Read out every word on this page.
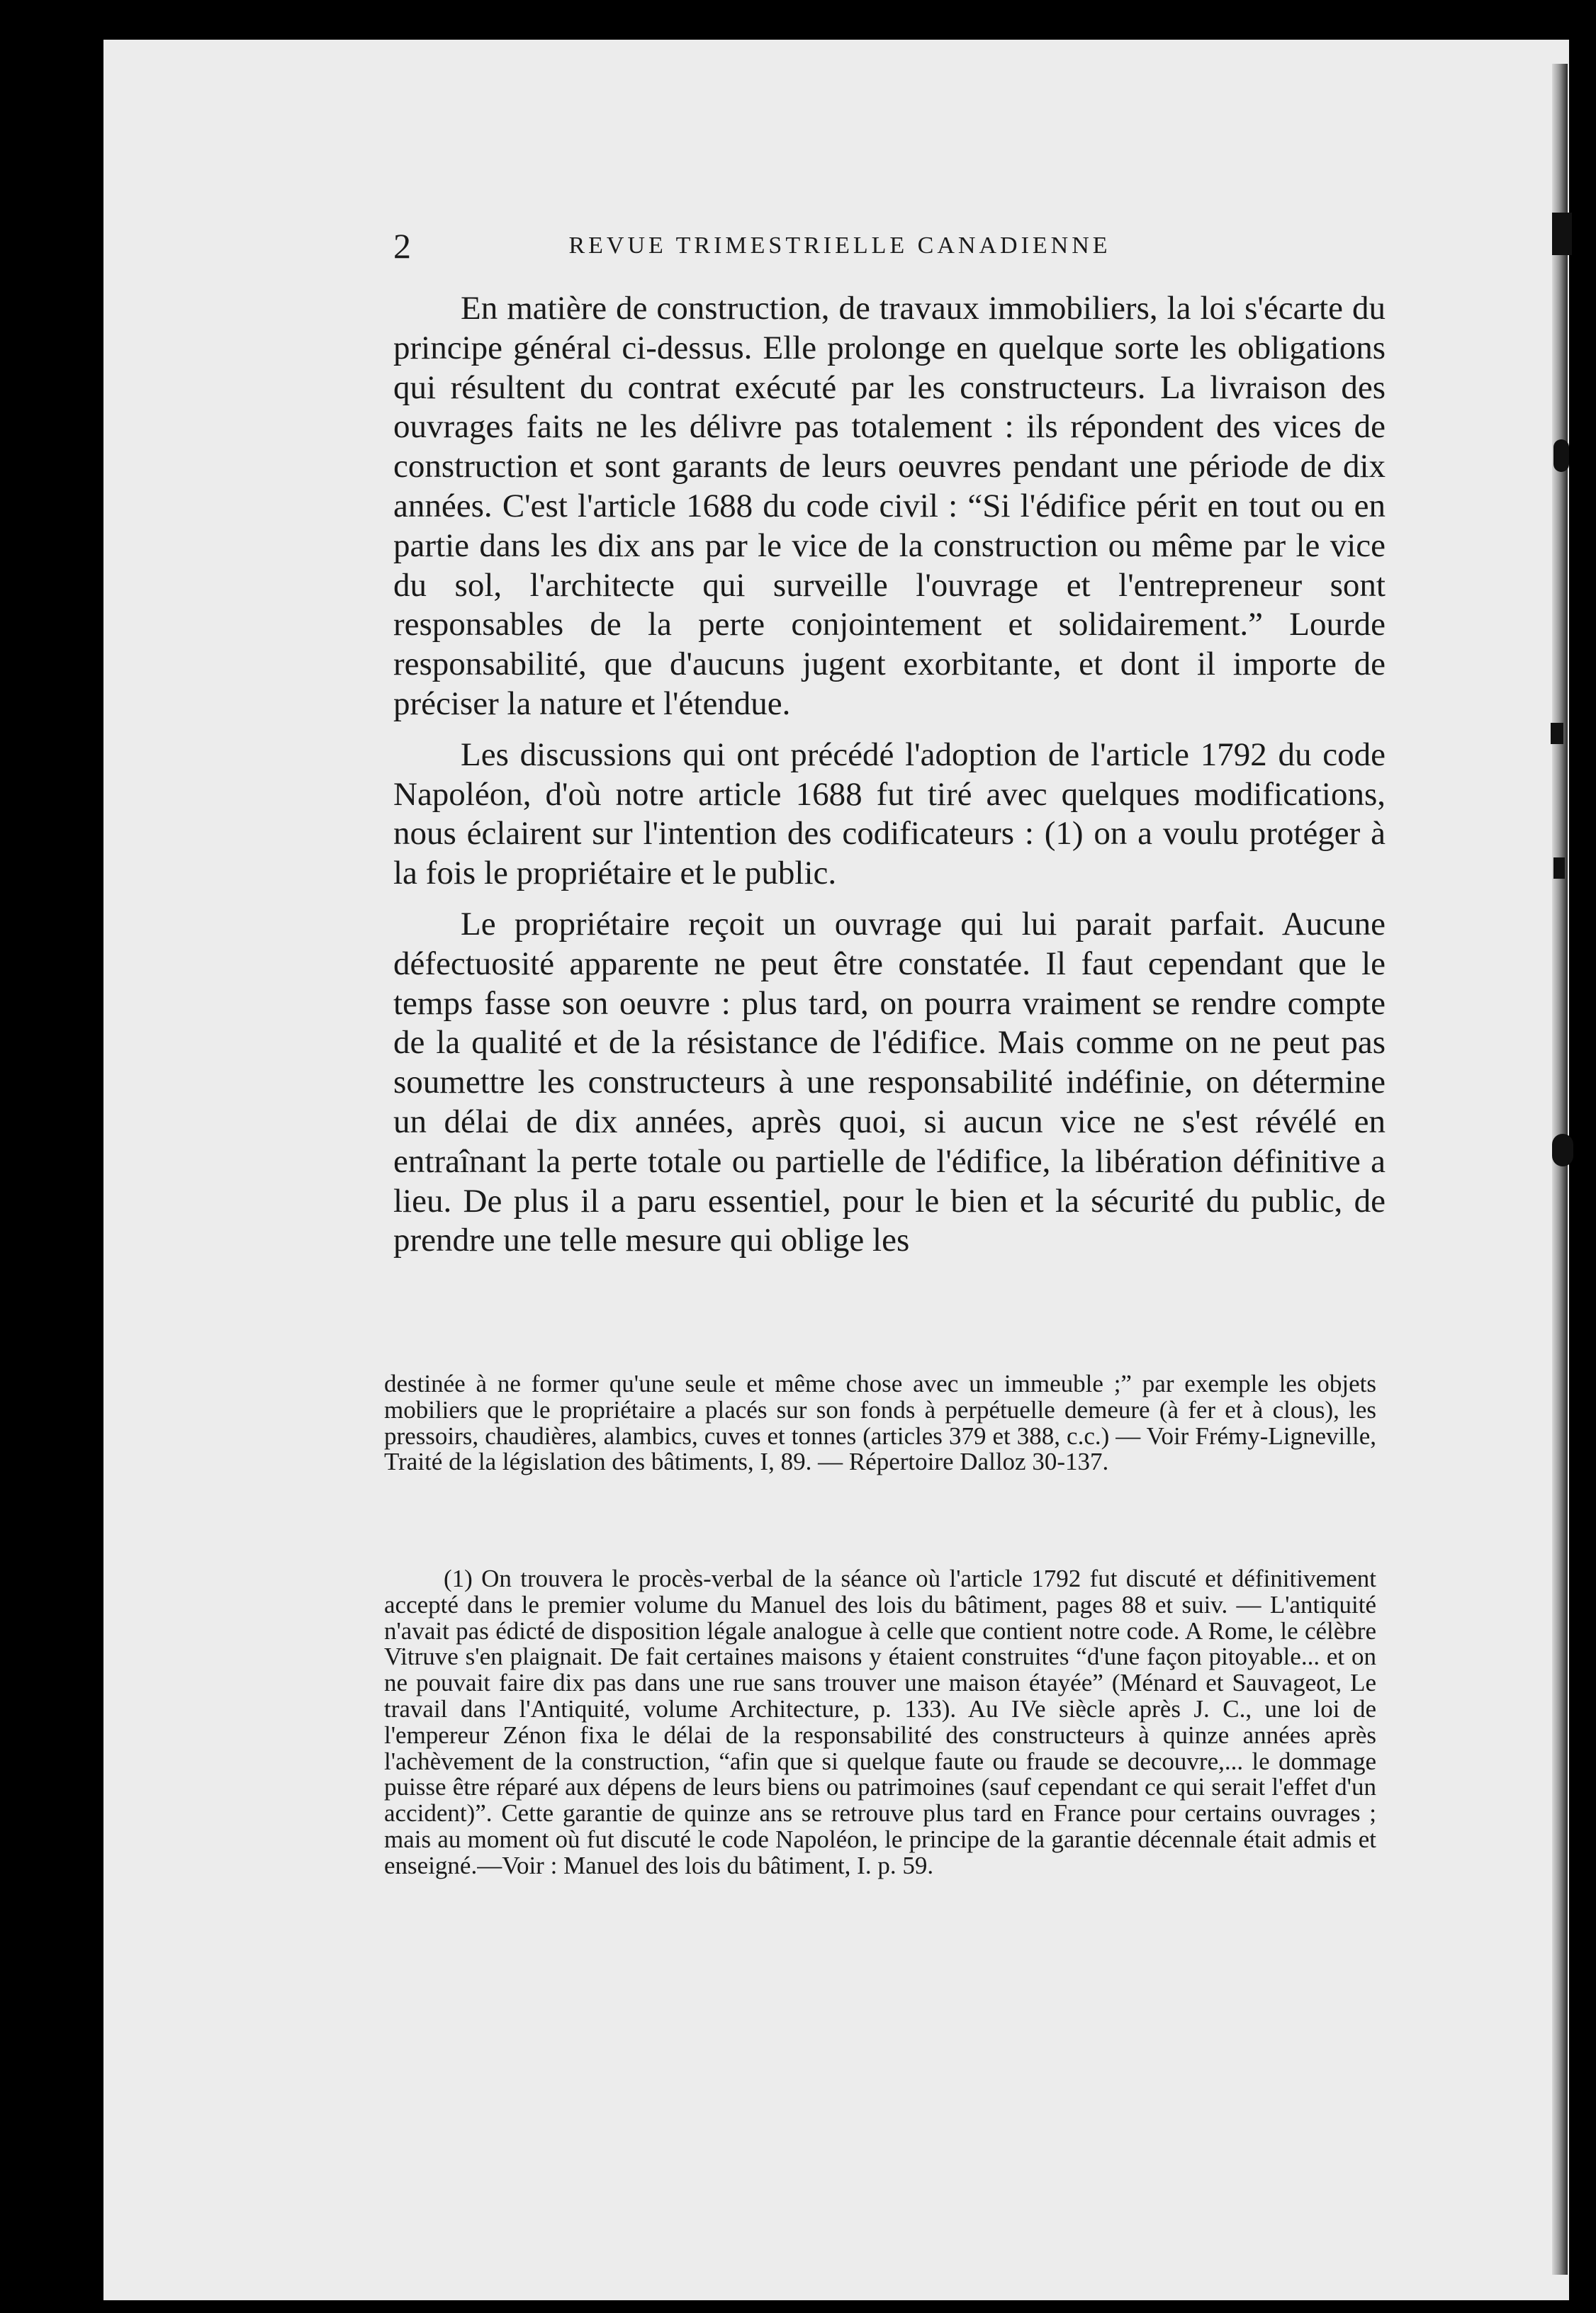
2	REVUE TRIMESTRIELLE CANADIENNE

En matière de construction, de travaux immobiliers, la loi s'écarte du principe général ci-dessus. Elle prolonge en quelque sorte les obligations qui résultent du contrat exécuté par les constructeurs. La livraison des ouvrages faits ne les délivre pas totalement : ils répondent des vices de construction et sont garants de leurs oeuvres pendant une période de dix années. C'est l'article 1688 du code civil : “Si l'édifice périt en tout ou en partie dans les dix ans par le vice de la construction ou même par le vice du sol, l'architecte qui surveille l'ouvrage et l'entrepreneur sont responsables de la perte conjointement et solidairement.” Lourde responsabilité, que d'aucuns jugent exorbitante, et dont il importe de préciser la nature et l'étendue.

Les discussions qui ont précédé l'adoption de l'article 1792 du code Napoléon, d'où notre article 1688 fut tiré avec quelques modifications, nous éclairent sur l'intention des codificateurs : (1) on a voulu protéger à la fois le propriétaire et le public.

Le propriétaire reçoit un ouvrage qui lui parait parfait. Aucune défectuosité apparente ne peut être constatée. Il faut cependant que le temps fasse son oeuvre : plus tard, on pourra vraiment se rendre compte de la qualité et de la résistance de l'édifice. Mais comme on ne peut pas soumettre les constructeurs à une responsabilité indéfinie, on détermine un délai de dix années, après quoi, si aucun vice ne s'est révélé en entraînant la perte totale ou partielle de l'édifice, la libération définitive a lieu. De plus il a paru essentiel, pour le bien et la sécurité du public, de prendre une telle mesure qui oblige les

destinée à ne former qu'une seule et même chose avec un immeuble ;” par exemple les objets mobiliers que le propriétaire a placés sur son fonds à perpétuelle demeure (à fer et à clous), les pressoirs, chaudières, alambics, cuves et tonnes (articles 379 et 388, c.c.) — Voir Frémy-Ligneville, Traité de la législation des bâtiments, I, 89. — Répertoire Dalloz 30-137.

(1) On trouvera le procès-verbal de la séance où l'article 1792 fut discuté et définitivement accepté dans le premier volume du Manuel des lois du bâtiment, pages 88 et suiv. — L'antiquité n'avait pas édicté de disposition légale analogue à celle que contient notre code. A Rome, le célèbre Vitruve s'en plaignait. De fait certaines maisons y étaient construites “d'une façon pitoyable... et on ne pouvait faire dix pas dans une rue sans trouver une maison étayée” (Ménard et Sauvageot, Le travail dans l'Antiquité, volume Architecture, p. 133). Au IVe siècle après J. C., une loi de l'empereur Zénon fixa le délai de la responsabilité des constructeurs à quinze années après l'achèvement de la construction, “afin que si quelque faute ou fraude se decouvre,... le dommage puisse être réparé aux dépens de leurs biens ou patrimoines (sauf cependant ce qui serait l'effet d'un accident)”. Cette garantie de quinze ans se retrouve plus tard en France pour certains ouvrages ; mais au moment où fut discuté le code Napoléon, le principe de la garantie décennale était admis et enseigné.—Voir : Manuel des lois du bâtiment, I. p. 59.
